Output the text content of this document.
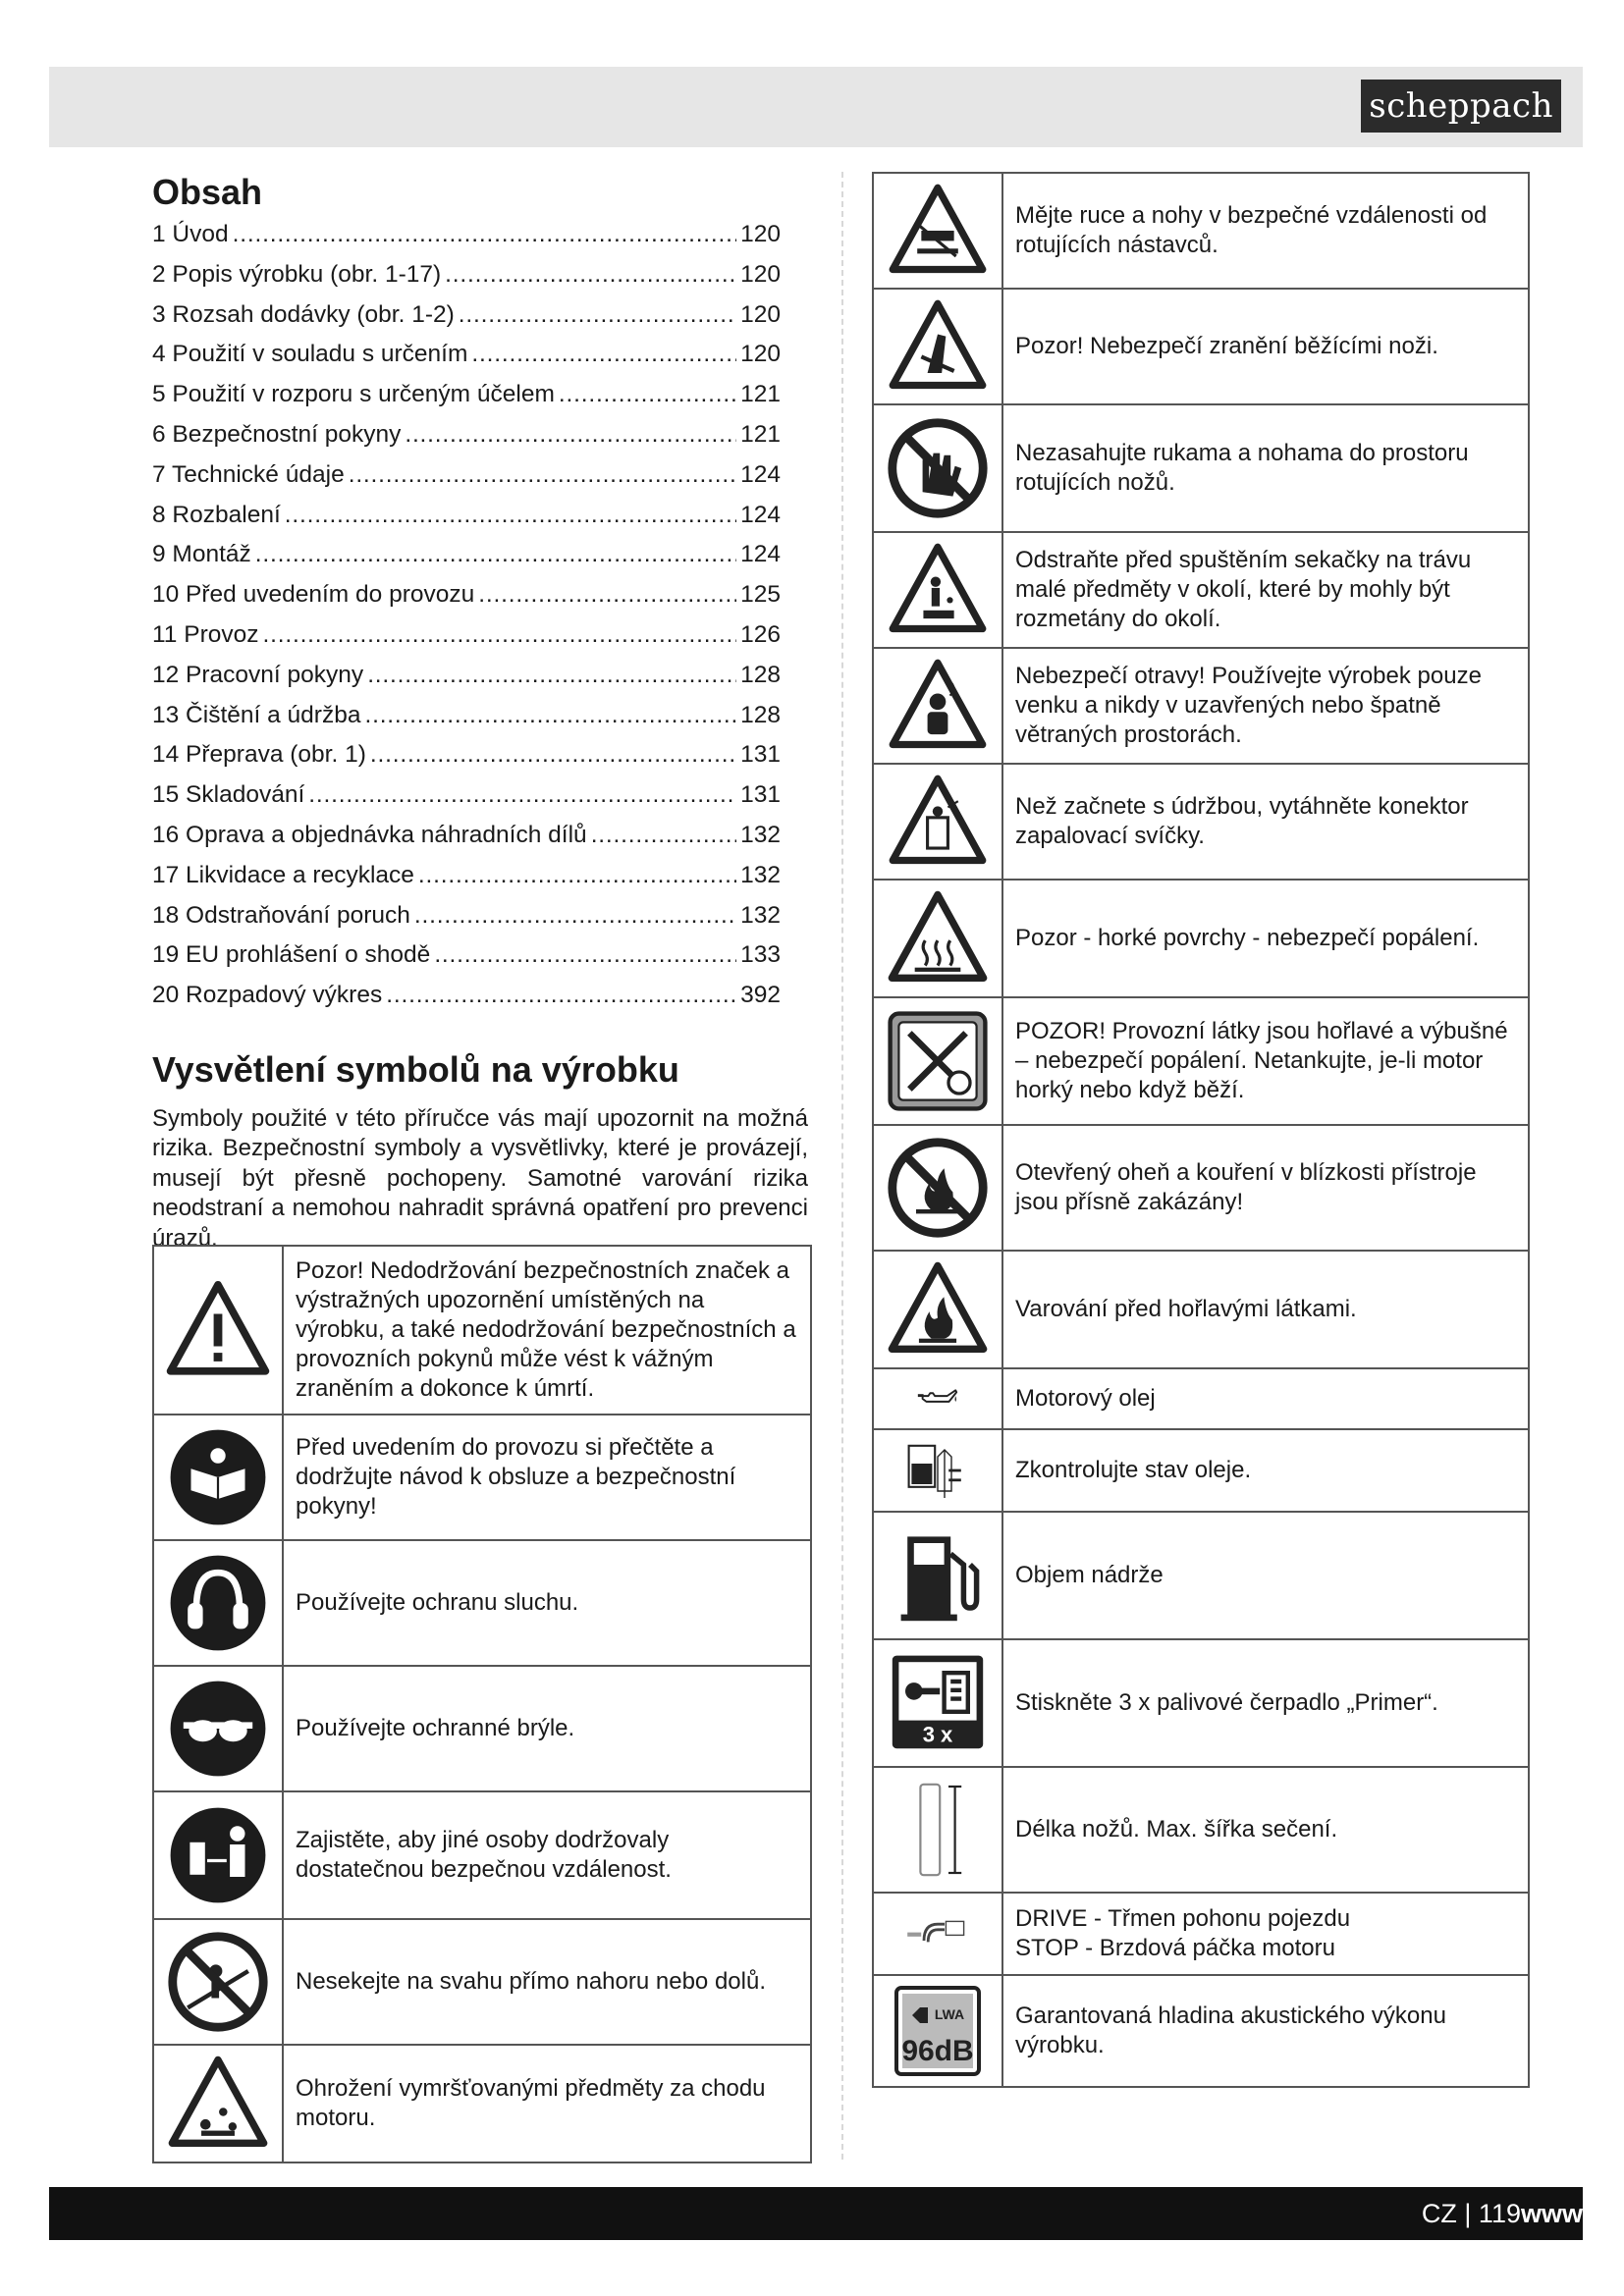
scheppach
Obsah
1 Úvod . . .	120
2 Popis výrobku (obr. 1-17) . . .	120
3 Rozsah dodávky (obr. 1-2) . . .	120
4 Použití v souladu s určením . . .	120
5 Použití v rozporu s určeným účelem . . .	121
6 Bezpečnostní pokyny . . .	121
7 Technické údaje . . .	124
8 Rozbalení . . .	124
9 Montáž . . .	124
10 Před uvedením do provozu . . .	125
11 Provoz . . .	126
12 Pracovní pokyny . . .	128
13 Čištění a údržba . . .	128
14 Přeprava (obr. 1) . . .	131
15 Skladování . . .	131
16 Oprava a objednávka náhradních dílů . . .	132
17 Likvidace a recyklace . . .	132
18 Odstraňování poruch . . .	132
19 EU prohlášení o shodě . . .	133
20 Rozpadový výkres . . .	392
Vysvětlení symbolů na výrobku

Symboly použité v této příručce vás mají upozornit na možná rizika. Bezpečnostní symboly a vysvětlivky, které je provázejí, musejí být přesně pochopeny. Samotné varování rizika neodstraní a nemohou nahradit správná opatření pro prevenci úrazů.

	Pozor! Nedodržování bezpečnostních značek a výstražných upozornění umístěných na výrobku, a také nedodržování bezpečnostních a provozních pokynů může vést k vážným zraněním a dokonce k úmrtí.

	Před uvedením do provozu si přečtěte a dodržujte návod k obsluze a bezpečnostní pokyny!

	Používejte ochranu sluchu.

	Používejte ochranné brýle.

	Zajistěte, aby jiné osoby dodržovaly dostatečnou bezpečnou vzdálenost.

	Nesekejte na svahu přímo nahoru nebo dolů.

	Ohrožení vymršťovanými předměty za chodu motoru.
	Mějte ruce a nohy v bezpečné vzdálenosti od rotujících nástavců.

	Pozor! Nebezpečí zranění běžícími noži.

	Nezasahujte rukama a nohama do prostoru rotujících nožů.

	Odstraňte před spuštěním sekačky na trávu malé předměty v okolí, které by mohly být rozmetány do okolí.

	Nebezpečí otravy! Používejte výrobek pouze venku a nikdy v uzavřených nebo špatně větraných prostorách.

	Než začnete s údržbou, vytáhněte konektor zapalovací svíčky.

	Pozor - horké povrchy - nebezpečí popálení.

	POZOR! Provozní látky jsou hořlavé a výbušné – nebezpečí popálení. Netankujte, je-li motor horký nebo když běží.

	Otevřený oheň a kouření v blízkosti přístroje jsou přísně zakázány!

	Varování před hořlavými látkami.

	Motorový olej

	Zkontrolujte stav oleje.

	Objem nádrže

3 x	Stiskněte 3 x palivové čerpadlo „Primer“.

	Délka nožů. Max. šířka sečení.

	DRIVE - Třmen pohonu pojezdu
STOP - Brzdová páčka motoru

LWA
96dB	Garantovaná hladina akustického výkonu výrobku.
CZ | 119www
